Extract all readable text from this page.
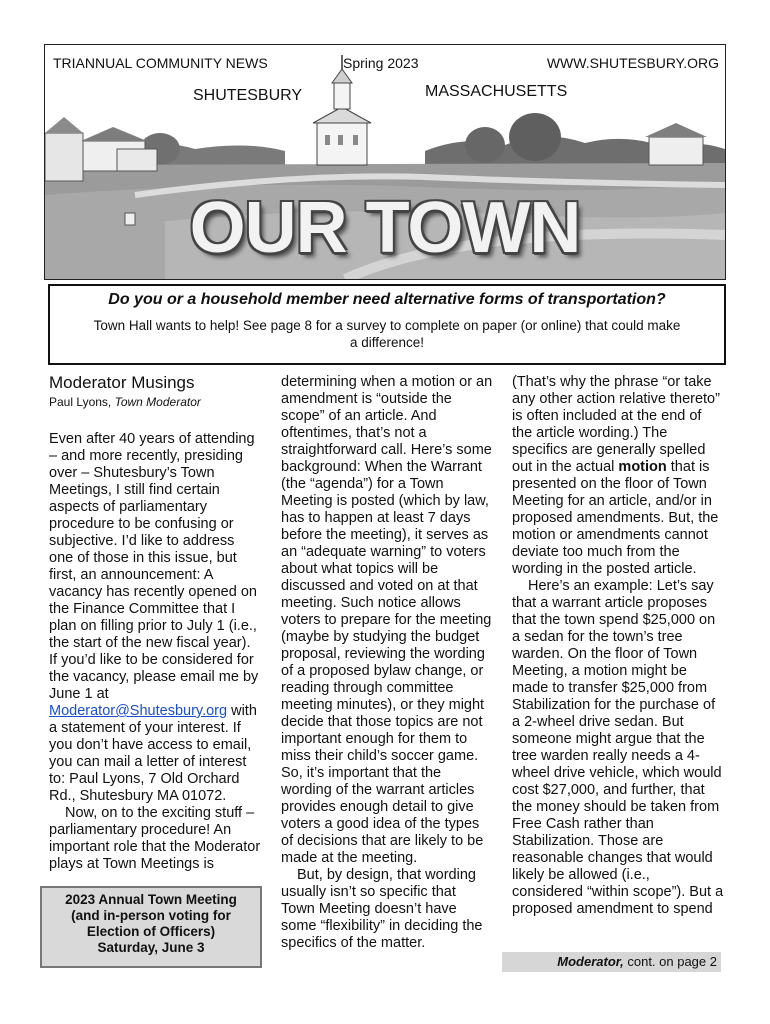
TRIANNUAL COMMUNITY NEWS	Spring 2023	WWW.SHUTESBURY.ORG
SHUTESBURY	MASSACHUSETTS
OUR TOWN
Do you or a household member need alternative forms of transportation?
Town Hall wants to help! See page 8 for a survey to complete on paper (or online) that could make a difference!
Moderator Musings
Paul Lyons, Town Moderator

Even after 40 years of attending – and more recently, presiding over – Shutesbury’s Town Meetings, I still find certain aspects of parliamentary procedure to be confusing or subjective. I’d like to address one of those in this issue, but first, an announcement: A vacancy has recently opened on the Finance Committee that I plan on filling prior to July 1 (i.e., the start of the new fiscal year). If you’d like to be considered for the vacancy, please email me by June 1 at Moderator@Shutesbury.org with a statement of your interest. If you don’t have access to email, you can mail a letter of interest to: Paul Lyons, 7 Old Orchard Rd., Shutesbury MA 01072.

Now, on to the exciting stuff – parliamentary procedure! An important role that the Moderator plays at Town Meetings is

2023 Annual Town Meeting
(and in-person voting for
Election of Officers)
Saturday, June 3

determining when a motion or an amendment is “outside the scope” of an article. And oftentimes, that’s not a straightforward call. Here’s some background: When the Warrant (the “agenda”) for a Town Meeting is posted (which by law, has to happen at least 7 days before the meeting), it serves as an “adequate warning” to voters about what topics will be discussed and voted on at that meeting. Such notice allows voters to prepare for the meeting (maybe by studying the budget proposal, reviewing the wording of a proposed bylaw change, or reading through committee meeting minutes), or they might decide that those topics are not important enough for them to miss their child’s soccer game. So, it’s important that the wording of the warrant articles provides enough detail to give voters a good idea of the types of decisions that are likely to be made at the meeting.

But, by design, that wording usually isn’t so specific that Town Meeting doesn’t have some “flexibility” in deciding the specifics of the matter.

(That’s why the phrase “or take any other action relative thereto” is often included at the end of the article wording.) The specifics are generally spelled out in the actual motion that is presented on the floor of Town Meeting for an article, and/or in proposed amendments. But, the motion or amendments cannot deviate too much from the wording in the posted article.

Here’s an example: Let’s say that a warrant article proposes that the town spend $25,000 on a sedan for the town’s tree warden. On the floor of Town Meeting, a motion might be made to transfer $25,000 from Stabilization for the purchase of a 2-wheel drive sedan. But someone might argue that the tree warden really needs a 4-wheel drive vehicle, which would cost $27,000, and further, that the money should be taken from Free Cash rather than Stabilization. Those are reasonable changes that would likely be allowed (i.e., considered “within scope”). But a proposed amendment to spend

Moderator, cont. on page 2
